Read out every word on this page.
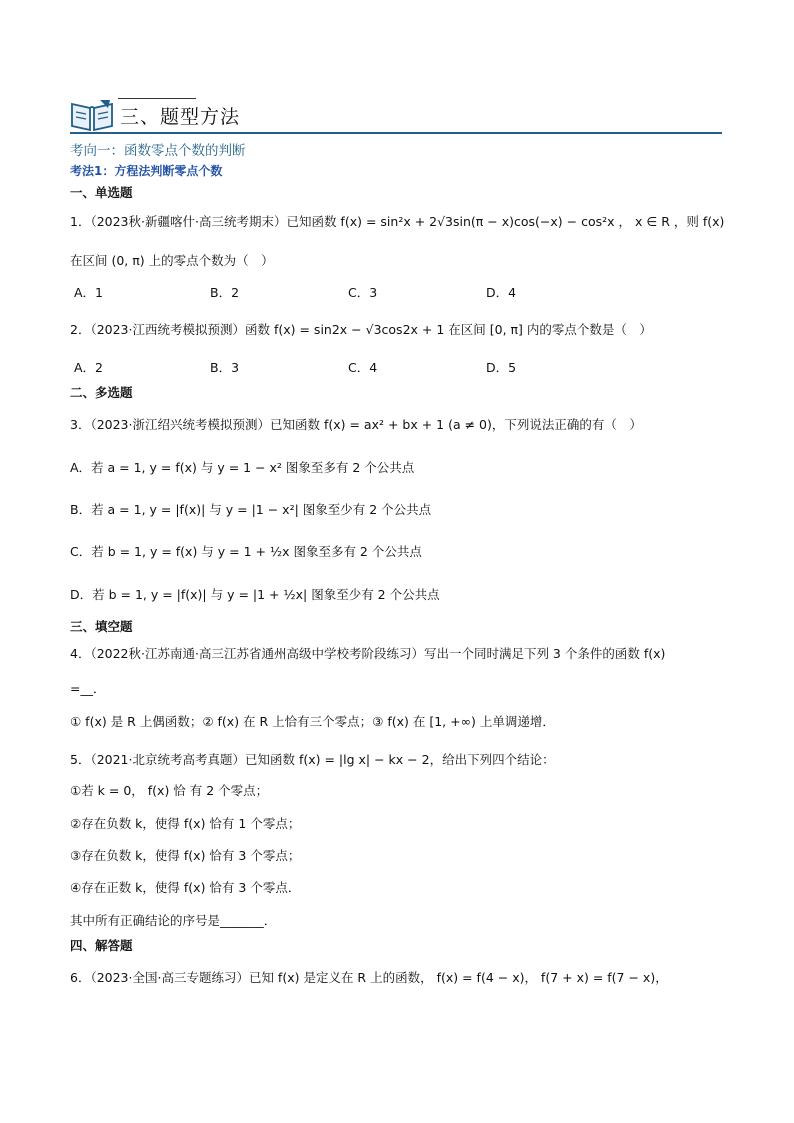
三、题型方法
考向一：函数零点个数的判断
考法1：方程法判断零点个数
一、单选题
1．（2023秋·新疆喀什·高三统考期末）已知函数 f(x) = sin²x + 2√3sin(π − x)cos(−x) − cos²x ， x ∈ R ，则 f(x)
在区间 (0, π) 上的零点个数为（　）
A．1	B．2	C．3	D．4
2．（2023·江西统考模拟预测）函数 f(x) = sin2x − √3cos2x + 1 在区间 [0, π] 内的零点个数是（　）
A．2	B．3	C．4	D．5
二、多选题
3．（2023·浙江绍兴统考模拟预测）已知函数 f(x) = ax² + bx + 1 (a ≠ 0)，下列说法正确的有（　）
A．若 a = 1, y = f(x) 与 y = 1 − x² 图象至多有 2 个公共点
B．若 a = 1, y = |f(x)| 与 y = |1 − x²| 图象至少有 2 个公共点
C．若 b = 1, y = f(x) 与 y = 1 + ½x 图象至多有 2 个公共点
D．若 b = 1, y = |f(x)| 与 y = |1 + ½x| 图象至少有 2 个公共点
三、填空题
4．（2022秋·江苏南通·高三江苏省通州高级中学校考阶段练习）写出一个同时满足下列 3 个条件的函数 f(x)
=__．
① f(x) 是 R 上偶函数；② f(x) 在 R 上恰有三个零点；③ f(x) 在 [1, +∞) 上单调递增．
5．（2021·北京统考高考真题）已知函数 f(x) = |lg x| − kx − 2，给出下列四个结论：
①若 k = 0， f(x) 恰 有 2 个零点；
②存在负数 k，使得 f(x) 恰有 1 个零点；
③存在负数 k，使得 f(x) 恰有 3 个零点；
④存在正数 k，使得 f(x) 恰有 3 个零点．
其中所有正确结论的序号是_______．
四、解答题
6．（2023·全国·高三专题练习）已知 f(x) 是定义在 R 上的函数， f(x) = f(4 − x)， f(7 + x) = f(7 − x)，
